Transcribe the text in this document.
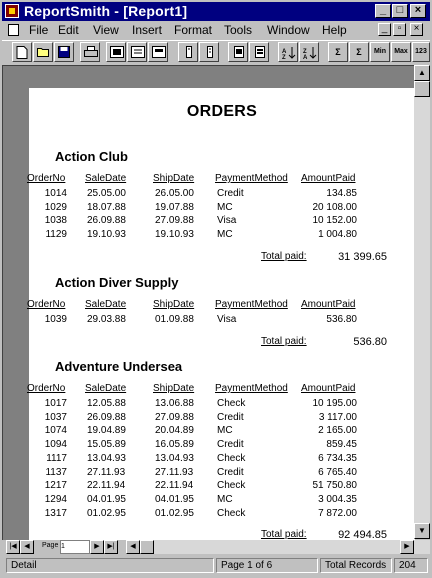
ReportSmith - [Report1]	_ □	×
File Edit View Insert Format Tools Window Help	_	▫	×
A
Z
Z
A
Σ	Σ	Min	Max	123
ORDERS
Action Club
OrderNo SaleDate	ShipDate PaymentMethod AmountPaid
1014 25.05.00	26.05.00 Credit	134.85
1029 18.07.88	19.07.88 MC	20 108.00
1038 26.09.88	27.09.88 Visa	10 152.00
1129 19.10.93	19.10.93 MC	1 004.80
Total paid:	31 399.65
Action Diver Supply
OrderNo SaleDate	ShipDate PaymentMethod AmountPaid
1039 29.03.88	01.09.88 Visa	536.80
Total paid:	536.80
Adventure Undersea
OrderNo SaleDate	ShipDate PaymentMethod AmountPaid
1017 12.05.88	13.06.88 Check	10 195.00
1037 26.09.88	27.09.88 Credit	3 117.00
1074 19.04.89	20.04.89 MC	2 165.00
1094 15.05.89	16.05.89 Credit	859.45
1117 13.04.93	13.04.93 Check	6 734.35
1137 27.11.93	27.11.93 Credit	6 765.40
1217 22.11.94	22.11.94 Check	51 750.80
1294 04.01.95	04.01.95 MC	3 004.35
1317 01.02.95	01.02.95 Check	7 872.00
Total paid:	92 494.85
▲
▼
|◀	◀	Page 1	▶	▶|	◀	▶
Detail	Page 1 of 6	Total Records	204
